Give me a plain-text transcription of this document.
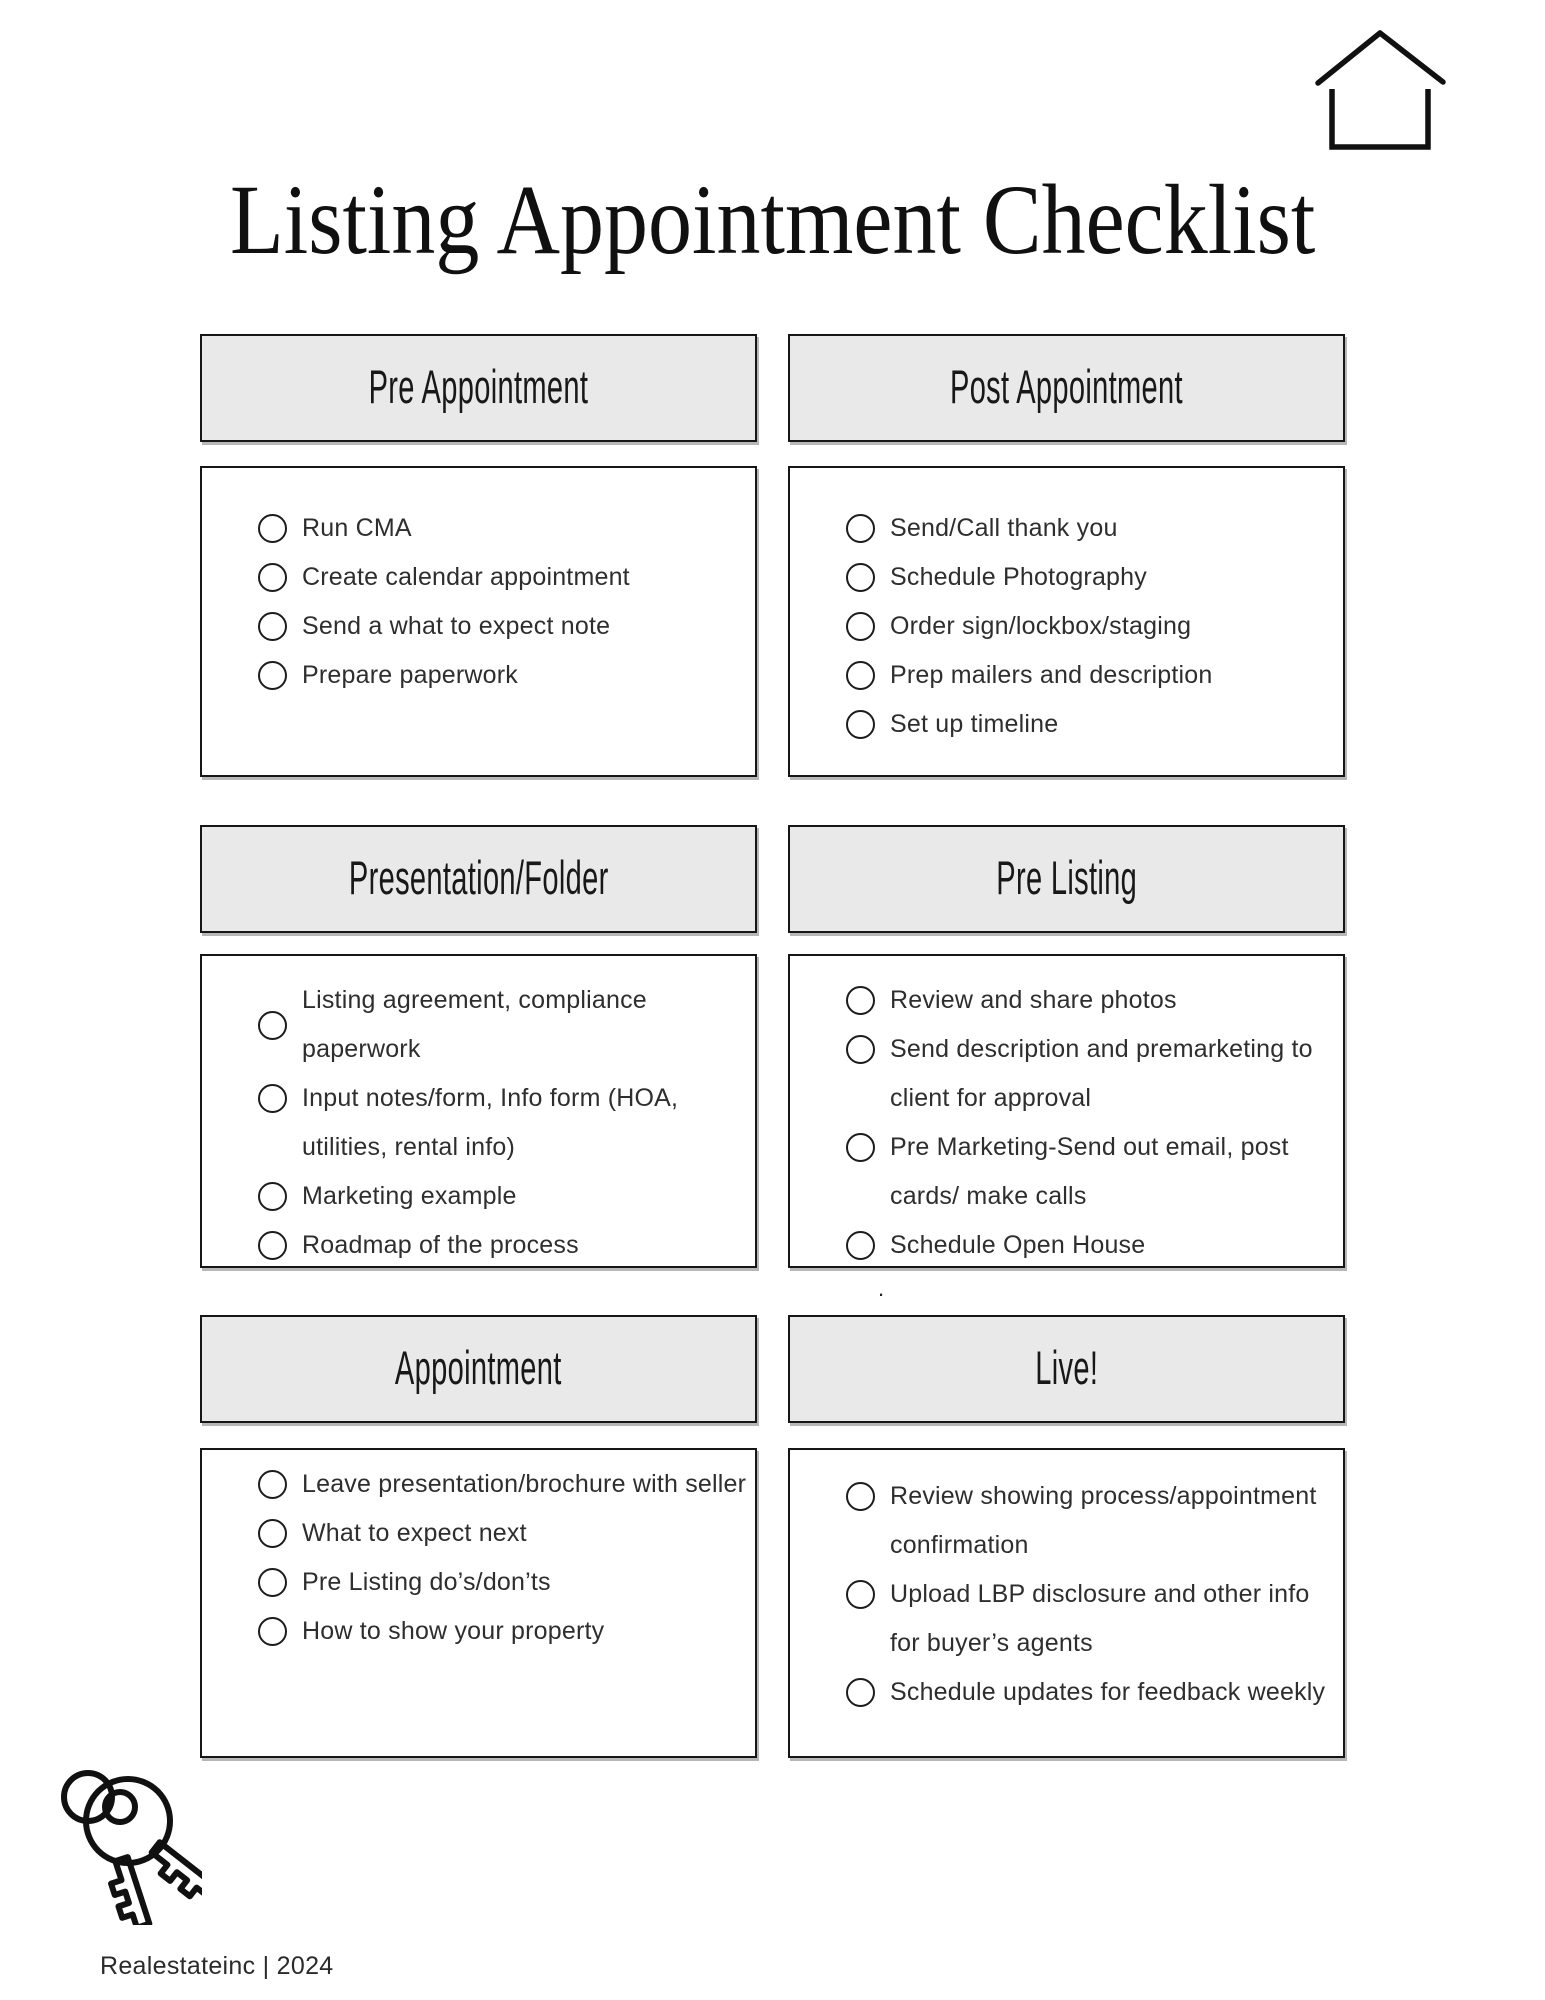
Listing Appointment Checklist
Pre Appointment
Run CMA
Create calendar appointment
Send a what to expect note
Prepare paperwork
Post Appointment
Send/Call thank you
Schedule Photography
Order sign/lockbox/staging
Prep mailers and description
Set up timeline
Presentation/Folder
Listing agreement, compliance paperwork
Input notes/form, Info form (HOA, utilities, rental info)
Marketing example
Roadmap of the process
Pre Listing
Review and share photos
Send description and premarketing to client for approval
Pre Marketing-Send out email, post cards/ make calls
Schedule Open House
.
Appointment
Leave presentation/brochure with seller
What to expect next
Pre Listing do’s/don’ts
How to show your property
Live!
Review showing process/appointment confirmation
Upload LBP disclosure and other info for buyer’s agents
Schedule updates for feedback weekly
Realestateinc | 2024
